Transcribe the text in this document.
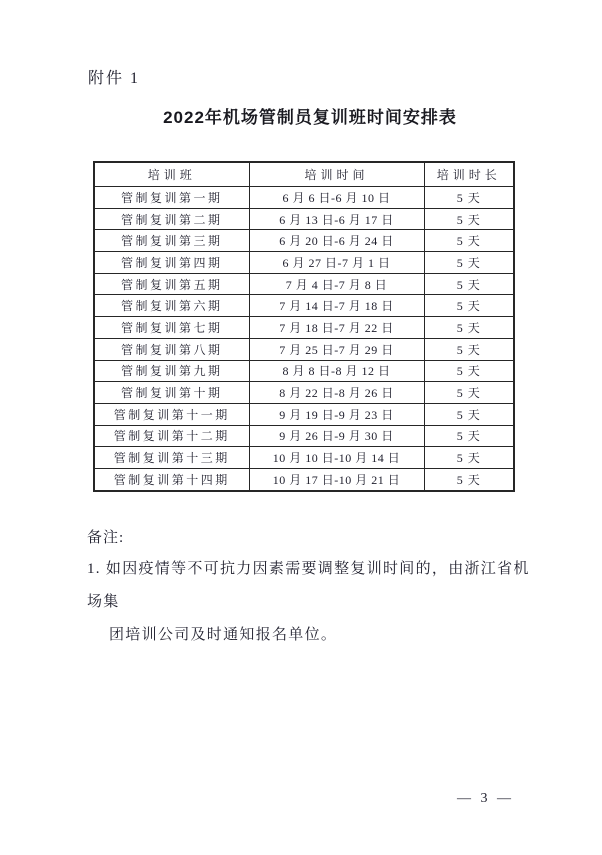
附件 1
2022年机场管制员复训班时间安排表
培训班	培训时间	培训时长
管制复训第一期	6 月 6 日-6 月 10 日	5 天
管制复训第二期	6 月 13 日-6 月 17 日	5 天
管制复训第三期	6 月 20 日-6 月 24 日	5 天
管制复训第四期	6 月 27 日-7 月 1 日	5 天
管制复训第五期	7 月 4 日-7 月 8 日	5 天
管制复训第六期	7 月 14 日-7 月 18 日	5 天
管制复训第七期	7 月 18 日-7 月 22 日	5 天
管制复训第八期	7 月 25 日-7 月 29 日	5 天
管制复训第九期	8 月 8 日-8 月 12 日	5 天
管制复训第十期	8 月 22 日-8 月 26 日	5 天
管制复训第十一期	9 月 19 日-9 月 23 日	5 天
管制复训第十二期	9 月 26 日-9 月 30 日	5 天
管制复训第十三期	10 月 10 日-10 月 14 日	5 天
管制复训第十四期	10 月 17 日-10 月 21 日	5 天
备注:
1. 如因疫情等不可抗力因素需要调整复训时间的，由浙江省机场集
团培训公司及时通知报名单位。
— 3 —
